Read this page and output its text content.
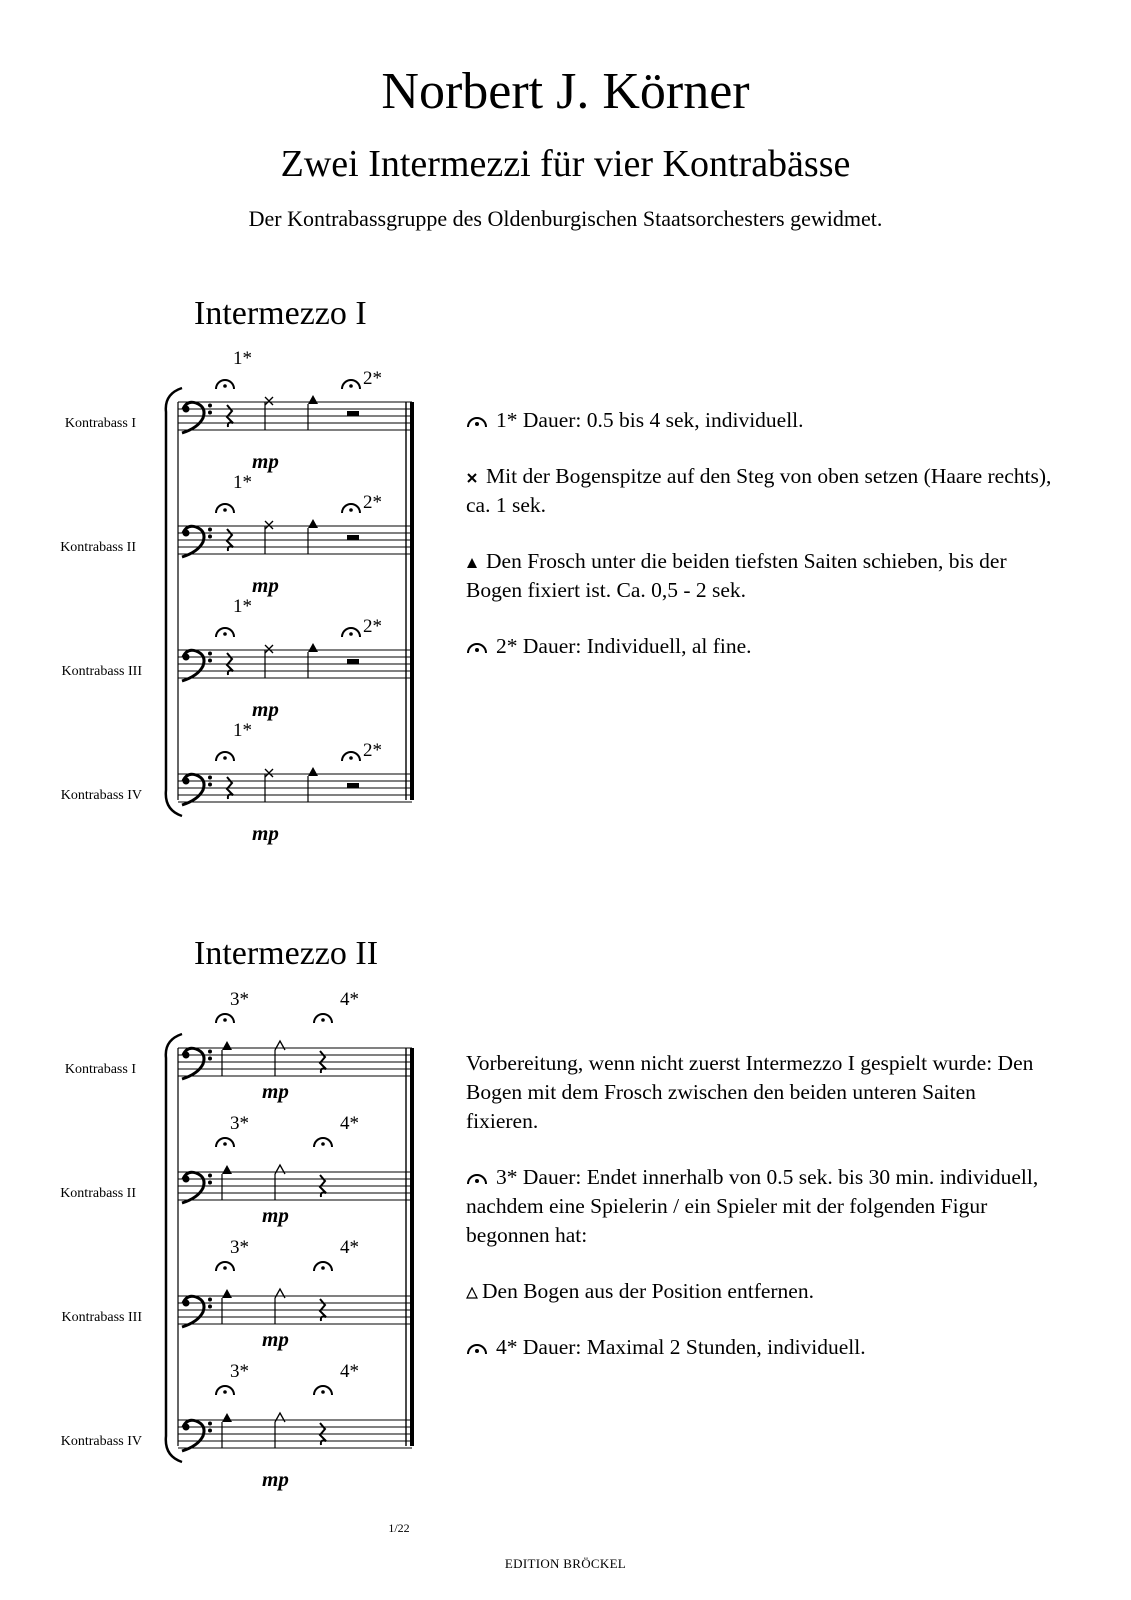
Norbert J. Körner
Zwei Intermezzi für vier Kontrabässe
Der Kontrabassgruppe des Oldenburgischen Staatsorchesters gewidmet.
Intermezzo I
Kontrabass I
1*
2*
mp
Kontrabass II
1*
2*
mp
Kontrabass III
1*
2*
mp
Kontrabass IV
1*
2*
mp

1* Dauer: 0.5 bis 4 sek, individuell.

Mit der Bogenspitze auf den Steg von oben setzen (Haare rechts), ca. 1 sek.

Den Frosch unter die beiden tiefsten Saiten schieben, bis der Bogen fixiert ist. Ca. 0,5 - 2 sek.

2* Dauer: Individuell, al fine.

Intermezzo II
Kontrabass I
3*	4*
mp
Kontrabass II
3*	4*
mp
Kontrabass III
3*	4*
mp
Kontrabass IV
3*	4*
mp

Vorbereitung, wenn nicht zuerst Intermezzo I gespielt wurde: Den Bogen mit dem Frosch zwischen den beiden unteren Saiten fixieren.

3* Dauer: Endet innerhalb von 0.5 sek. bis 30 min. individuell, nachdem eine Spielerin / ein Spieler mit der folgenden Figur begonnen hat:

Den Bogen aus der Position entfernen.

4* Dauer: Maximal 2 Stunden, individuell.

1/22
EDITION BRÖCKEL
